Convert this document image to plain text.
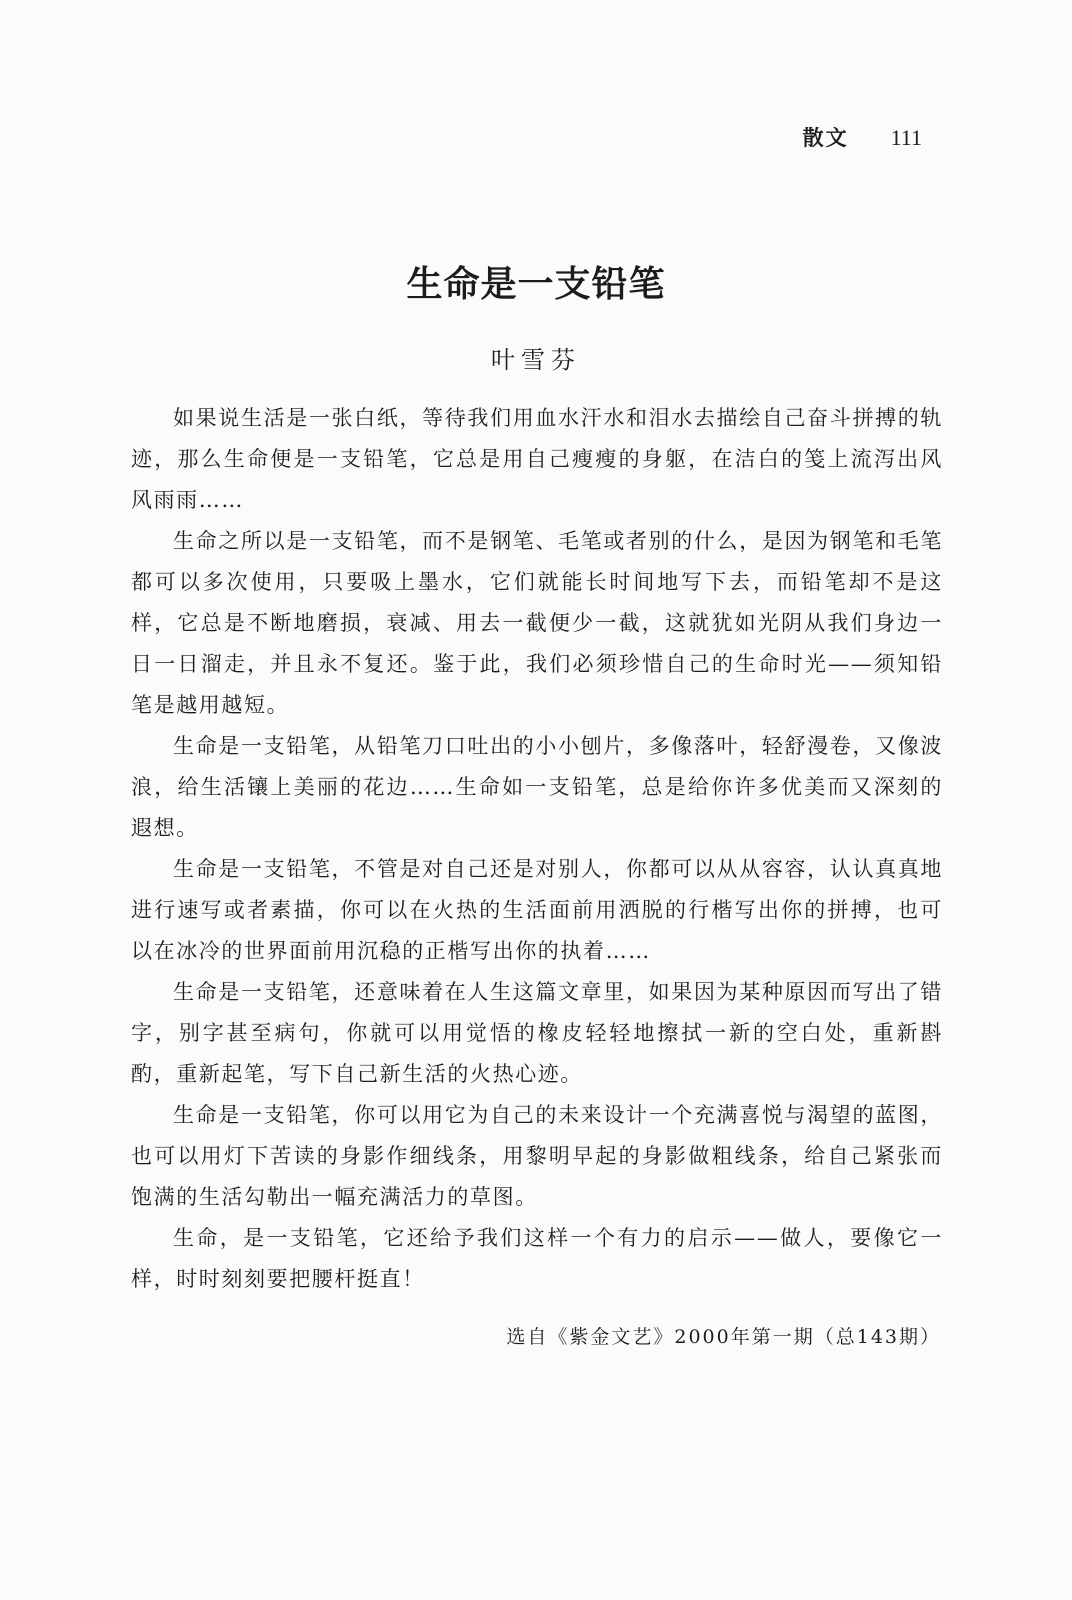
散文 111
生命是一支铅笔
叶雪芬

如果说生活是一张白纸，等待我们用血水汗水和泪水去描绘自己奋斗拼搏的轨迹，那么生命便是一支铅笔，它总是用自己瘦瘦的身躯，在洁白的笺上流泻出风风雨雨……

生命之所以是一支铅笔，而不是钢笔、毛笔或者别的什么，是因为钢笔和毛笔都可以多次使用，只要吸上墨水，它们就能长时间地写下去，而铅笔却不是这样，它总是不断地磨损，衰减、用去一截便少一截，这就犹如光阴从我们身边一日一日溜走，并且永不复还。鉴于此，我们必须珍惜自己的生命时光——须知铅笔是越用越短。

生命是一支铅笔，从铅笔刀口吐出的小小刨片，多像落叶，轻舒漫卷，又像波浪，给生活镶上美丽的花边……生命如一支铅笔，总是给你许多优美而又深刻的遐想。

生命是一支铅笔，不管是对自己还是对别人，你都可以从从容容，认认真真地进行速写或者素描，你可以在火热的生活面前用洒脱的行楷写出你的拼搏，也可以在冰冷的世界面前用沉稳的正楷写出你的执着……

生命是一支铅笔，还意味着在人生这篇文章里，如果因为某种原因而写出了错字，别字甚至病句，你就可以用觉悟的橡皮轻轻地擦拭一新的空白处，重新斟酌，重新起笔，写下自己新生活的火热心迹。

生命是一支铅笔，你可以用它为自己的未来设计一个充满喜悦与渴望的蓝图，也可以用灯下苦读的身影作细线条，用黎明早起的身影做粗线条，给自己紧张而饱满的生活勾勒出一幅充满活力的草图。

生命，是一支铅笔，它还给予我们这样一个有力的启示——做人，要像它一样，时时刻刻要把腰杆挺直！

选自《紫金文艺》2000年第一期（总143期）
